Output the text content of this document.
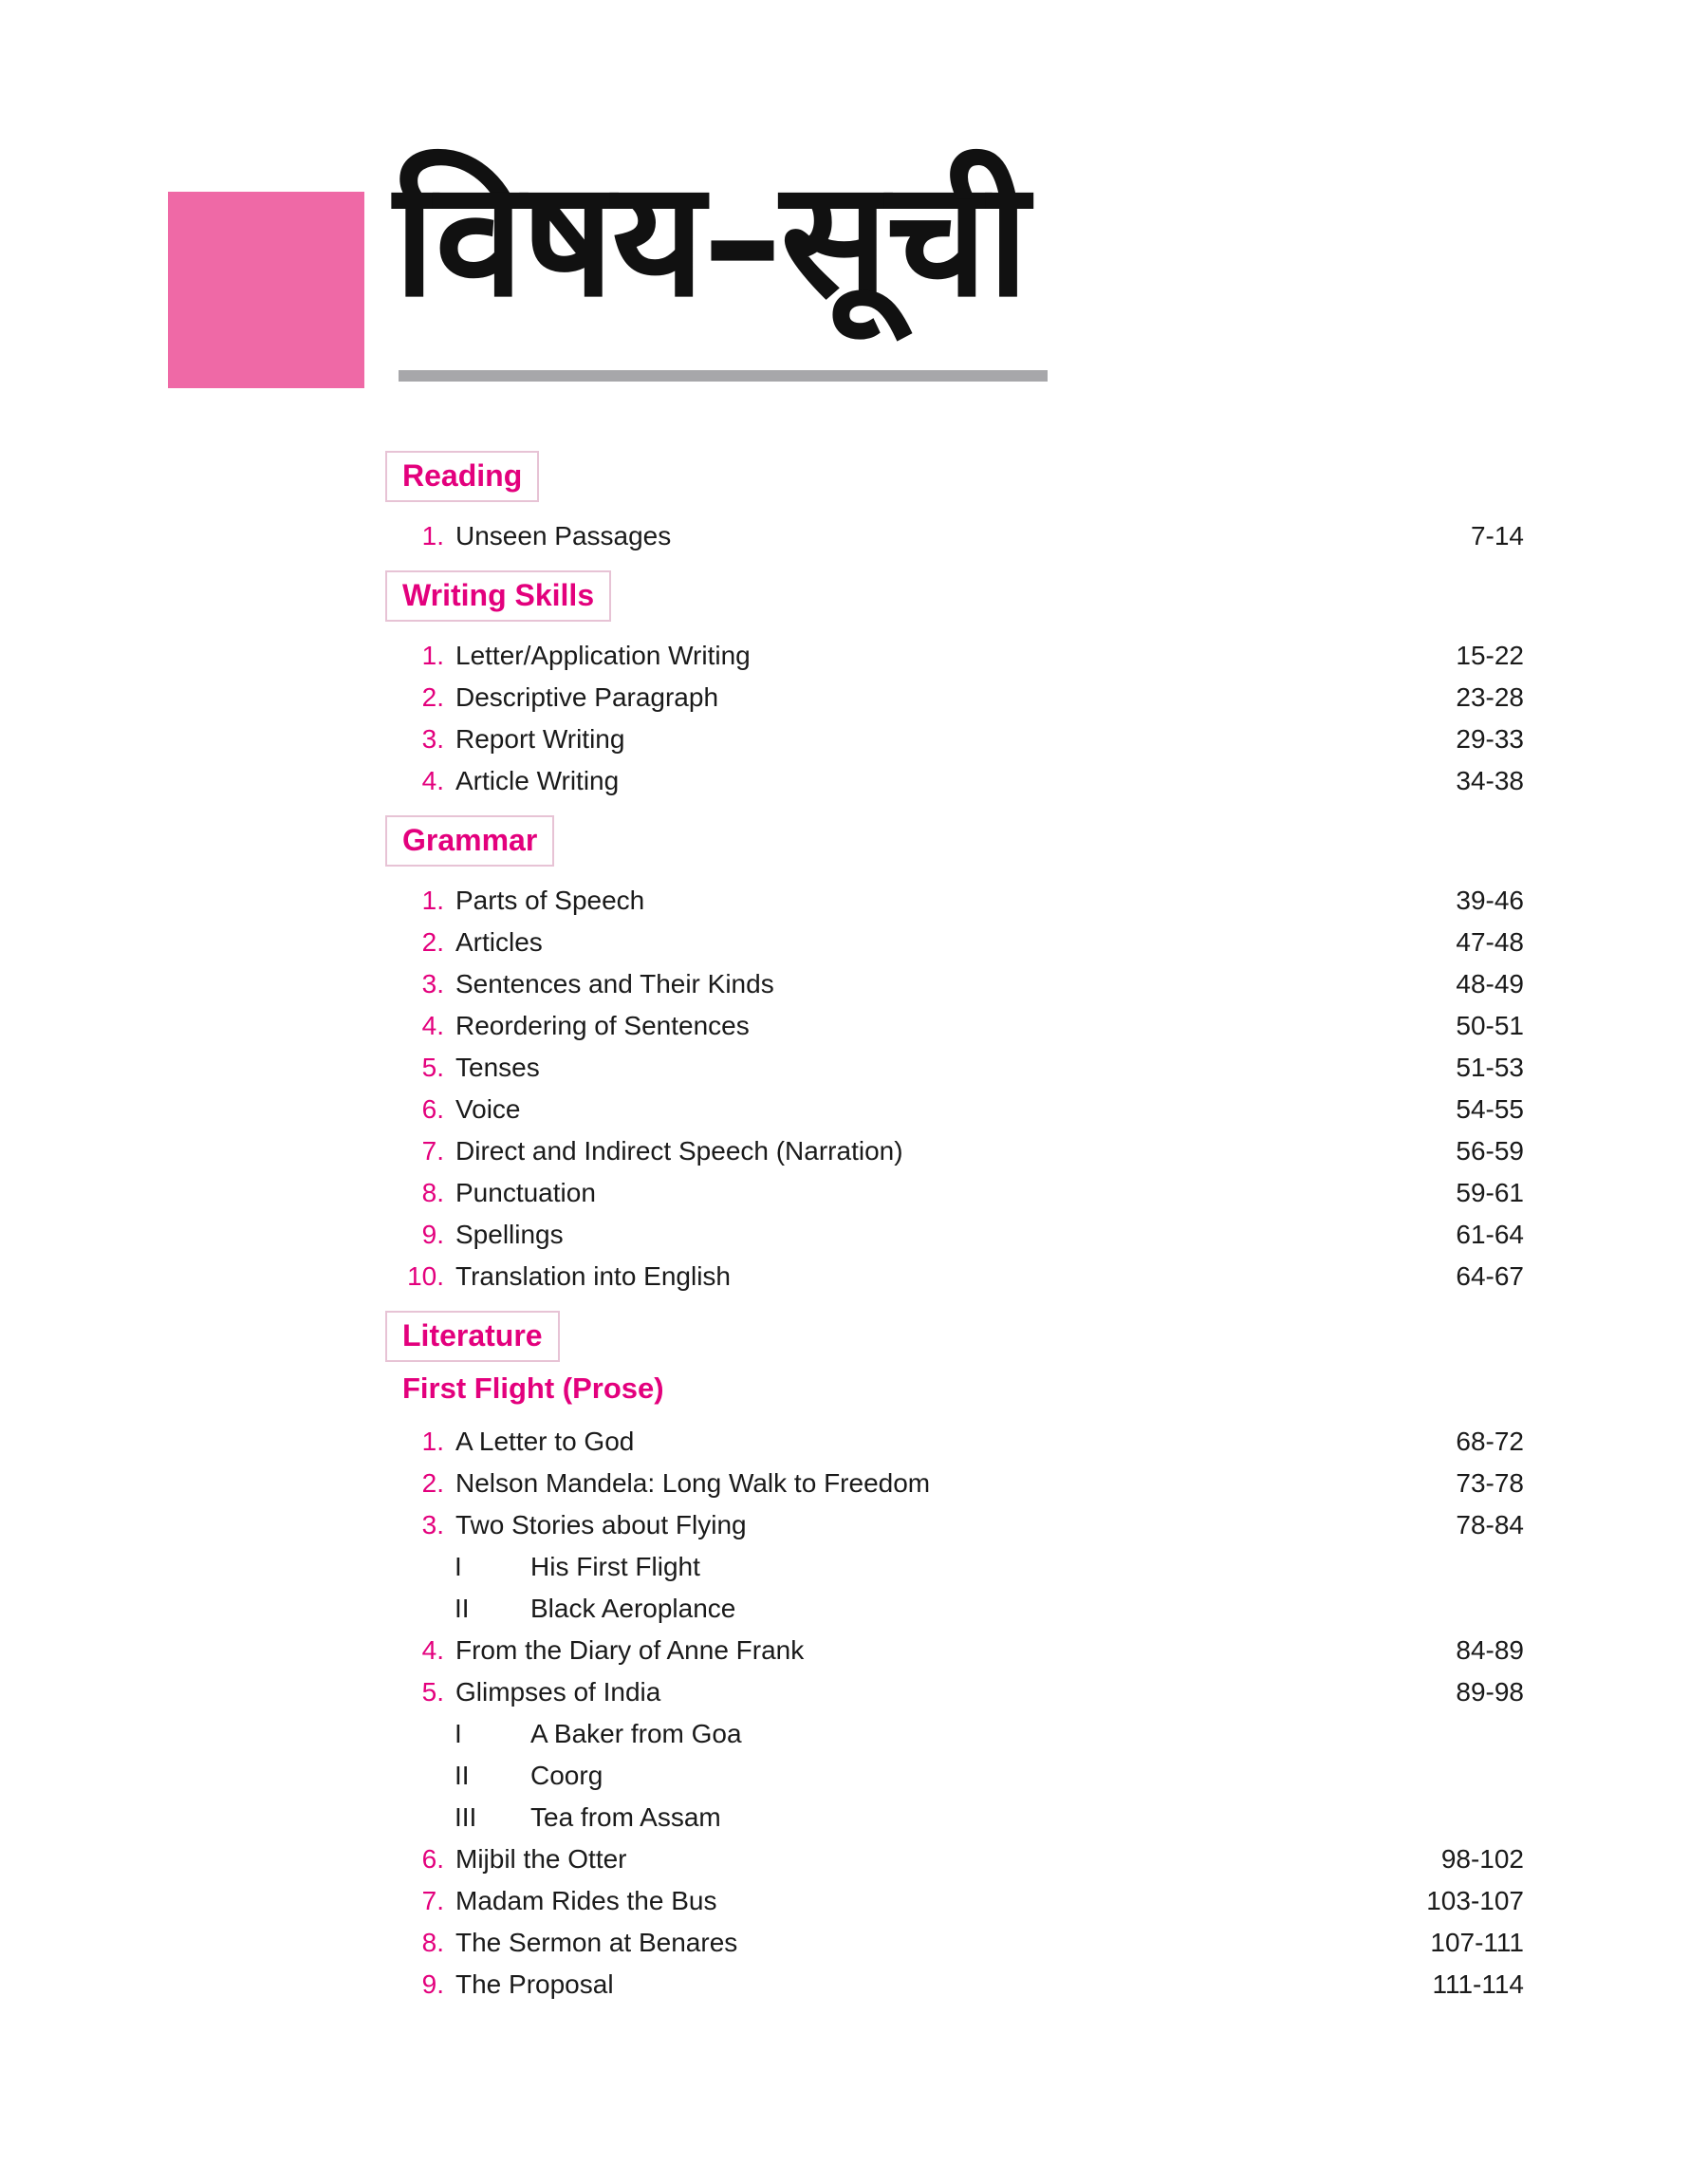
विषय–सूची
Reading
1. Unseen Passages	7-14
Writing Skills
1. Letter/Application Writing	15-22
2. Descriptive Paragraph	23-28
3. Report Writing	29-33
4. Article Writing	34-38
Grammar
1. Parts of Speech	39-46
2. Articles	47-48
3. Sentences and Their Kinds	48-49
4. Reordering of Sentences	50-51
5. Tenses	51-53
6. Voice	54-55
7. Direct and Indirect Speech (Narration)	56-59
8. Punctuation	59-61
9. Spellings	61-64
10. Translation into English	64-67
Literature
First Flight (Prose)
1. A Letter to God	68-72
2. Nelson Mandela: Long Walk to Freedom	73-78
3. Two Stories about Flying	78-84
I	His First Flight
II	Black Aeroplance
4. From the Diary of Anne Frank	84-89
5. Glimpses of India	89-98
I	A Baker from Goa
II	Coorg
III	Tea from Assam
6. Mijbil the Otter	98-102
7. Madam Rides the Bus	103-107
8. The Sermon at Benares	107-111
9. The Proposal	111-114
